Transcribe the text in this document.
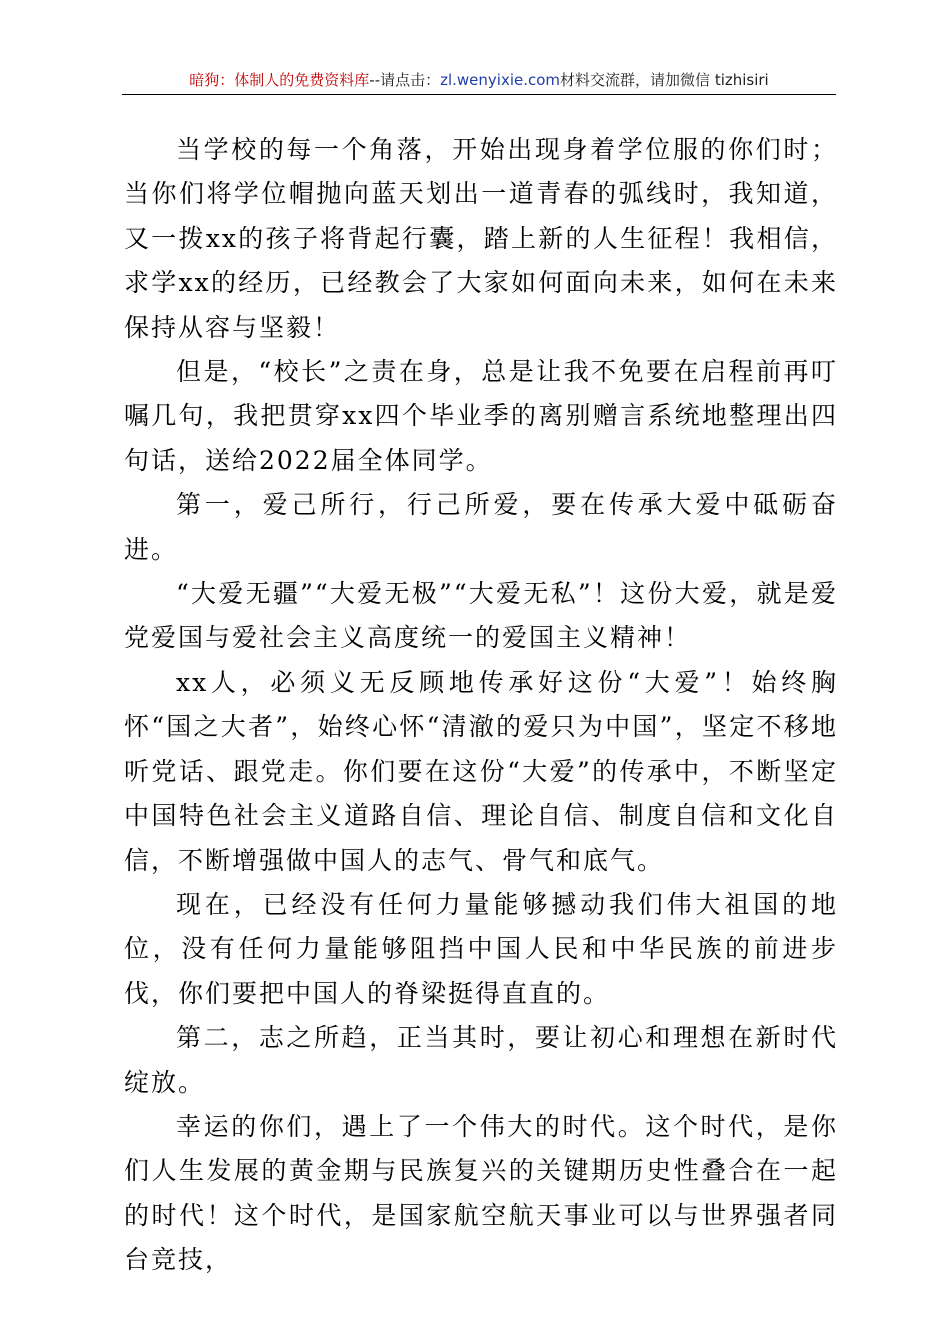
暗狗：体制人的免费资料库--请点击：zl.wenyixie.com材料交流群，请加微信 tizhisiri

当学校的每一个角落，开始出现身着学位服的你们时；当你们将学位帽抛向蓝天划出一道青春的弧线时，我知道，又一拨xx的孩子将背起行囊，踏上新的人生征程！我相信，求学xx的经历，已经教会了大家如何面向未来，如何在未来保持从容与坚毅！

但是，“校长”之责在身，总是让我不免要在启程前再叮嘱几句，我把贯穿xx四个毕业季的离别赠言系统地整理出四句话，送给2022届全体同学。

第一，爱己所行，行己所爱，要在传承大爱中砥砺奋进。

“大爱无疆”“大爱无极”“大爱无私”！这份大爱，就是爱党爱国与爱社会主义高度统一的爱国主义精神！

xx人，必须义无反顾地传承好这份“大爱”！始终胸怀“国之大者”，始终心怀“清澈的爱只为中国”，坚定不移地听党话、跟党走。你们要在这份“大爱”的传承中，不断坚定中国特色社会主义道路自信、理论自信、制度自信和文化自信，不断增强做中国人的志气、骨气和底气。

现在，已经没有任何力量能够撼动我们伟大祖国的地位，没有任何力量能够阻挡中国人民和中华民族的前进步伐，你们要把中国人的脊梁挺得直直的。

第二，志之所趋，正当其时，要让初心和理想在新时代绽放。

幸运的你们，遇上了一个伟大的时代。这个时代，是你们人生发展的黄金期与民族复兴的关键期历史性叠合在一起的时代！这个时代，是国家航空航天事业可以与世界强者同台竞技，
